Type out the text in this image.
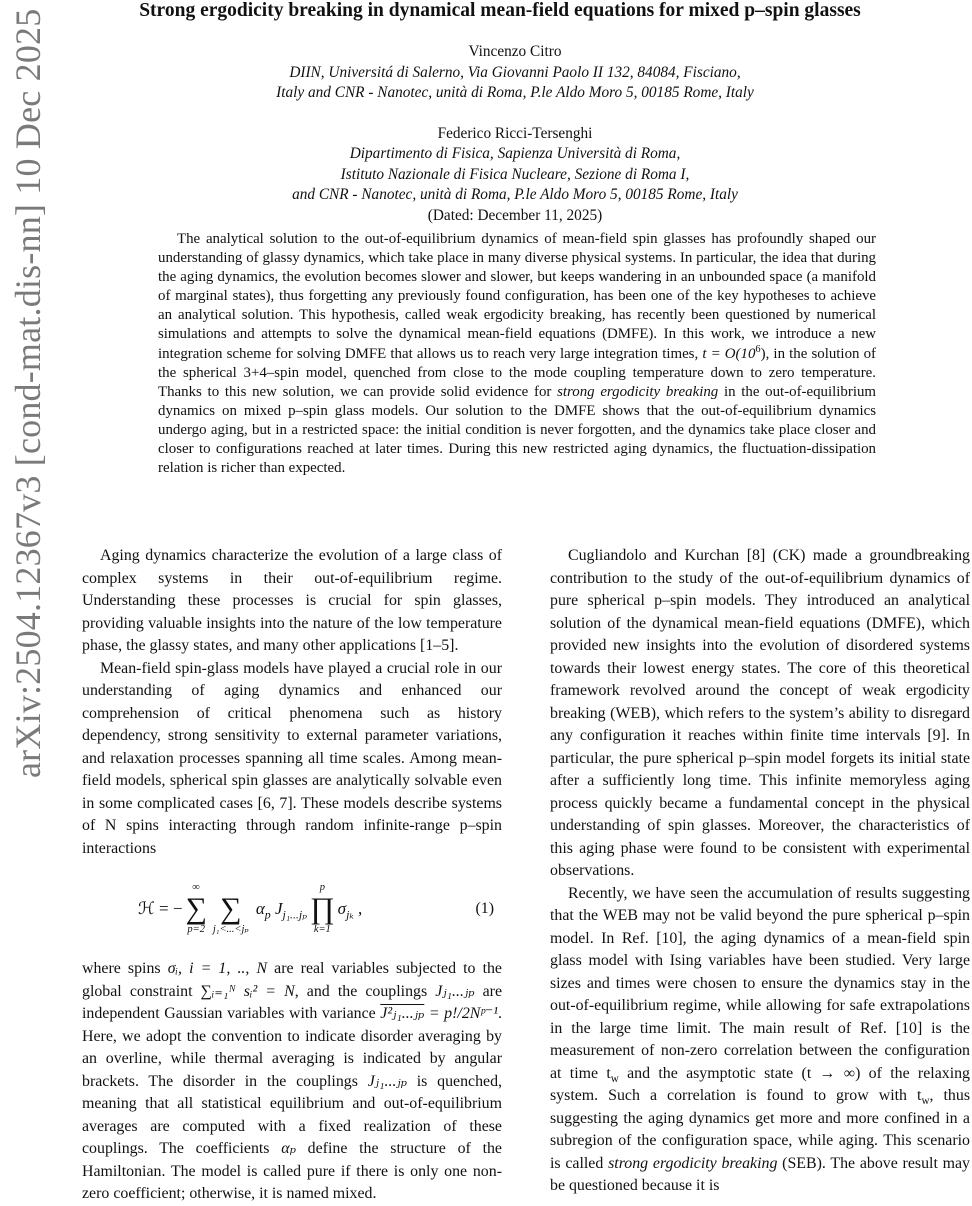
arXiv:2504.12367v3 [cond-mat.dis-nn] 10 Dec 2025	Strong ergodicity breaking in dynamical mean-field equations for mixed p–spin glasses
Vincenzo Citro
DIIN, Universitá di Salerno, Via Giovanni Paolo II 132, 84084, Fisciano,
Italy and CNR - Nanotec, unità di Roma, P.le Aldo Moro 5, 00185 Rome, Italy
Federico Ricci-Tersenghi
Dipartimento di Fisica, Sapienza Università di Roma,
Istituto Nazionale di Fisica Nucleare, Sezione di Roma I,
and CNR - Nanotec, unità di Roma, P.le Aldo Moro 5, 00185 Rome, Italy
(Dated: December 11, 2025)

The analytical solution to the out-of-equilibrium dynamics of mean-field spin glasses has profoundly shaped our understanding of glassy dynamics, which take place in many diverse physical systems. In particular, the idea that during the aging dynamics, the evolution becomes slower and slower, but keeps wandering in an unbounded space (a manifold of marginal states), thus forgetting any previously found configuration, has been one of the key hypotheses to achieve an analytical solution. This hypothesis, called weak ergodicity breaking, has recently been questioned by numerical simulations and attempts to solve the dynamical mean-field equations (DMFE). In this work, we introduce a new integration scheme for solving DMFE that allows us to reach very large integration times, $t = O(10^6)$, in the solution of the spherical 3+4–spin model, quenched from close to the mode coupling temperature down to zero temperature. Thanks to this new solution, we can provide solid evidence for strong ergodicity breaking in the out-of-equilibrium dynamics on mixed p–spin glass models. Our solution to the DMFE shows that the out-of-equilibrium dynamics undergo aging, but in a restricted space: the initial condition is never forgotten, and the dynamics take place closer and closer to configurations reached at later times. During this new restricted aging dynamics, the fluctuation-dissipation relation is richer than expected.

Aging dynamics characterize the evolution of a large class of complex systems in their out-of-equilibrium regime. Understanding these processes is crucial for spin glasses, providing valuable insights into the nature of the low temperature phase, the glassy states, and many other applications [1–5].

Mean-field spin-glass models have played a crucial role in our understanding of aging dynamics and enhanced our comprehension of critical phenomena such as history dependency, strong sensitivity to external parameter variations, and relaxation processes spanning all time scales. Among mean-field models, spherical spin glasses are analytically solvable even in some complicated cases [6, 7]. These models describe systems of N spins interacting through random infinite-range p–spin interactions

ℋ = −
∞
∑
p=2

∑
j₁<...<jₚ
$\alpha_p$ $J_{j_1...j_p}$
p
∏
k=1
$\sigma_{j_k}$ ,	(1)

where spins σᵢ, i = 1, .., N are real variables subjected to the global constraint ∑ᵢ₌₁ᴺ sᵢ² = N, and the couplings Jⱼ₁...ⱼₚ are independent Gaussian variables with variance J²ⱼ₁...ⱼₚ = p!/2Nᵖ⁻¹. Here, we adopt the convention to indicate disorder averaging by an overline, while thermal averaging is indicated by angular brackets. The disorder in the couplings Jⱼ₁...ⱼₚ is quenched, meaning that all statistical equilibrium and out-of-equilibrium averages are computed with a fixed realization of these couplings. The coefficients αₚ define the structure of the Hamiltonian. The model is called pure if there is only one non-zero coefficient; otherwise, it is named mixed.

Cugliandolo and Kurchan [8] (CK) made a groundbreaking contribution to the study of the out-of-equilibrium dynamics of pure spherical p–spin models. They introduced an analytical solution of the dynamical mean-field equations (DMFE), which provided new insights into the evolution of disordered systems towards their lowest energy states. The core of this theoretical framework revolved around the concept of weak ergodicity breaking (WEB), which refers to the system’s ability to disregard any configuration it reaches within finite time intervals [9]. In particular, the pure spherical p–spin model forgets its initial state after a sufficiently long time. This infinite memoryless aging process quickly became a fundamental concept in the physical understanding of spin glasses. Moreover, the characteristics of this aging phase were found to be consistent with experimental observations.

Recently, we have seen the accumulation of results suggesting that the WEB may not be valid beyond the pure spherical p–spin model. In Ref. [10], the aging dynamics of a mean-field spin glass model with Ising variables have been studied. Very large sizes and times were chosen to ensure the dynamics stay in the out-of-equilibrium regime, while allowing for safe extrapolations in the large time limit. The main result of Ref. [10] is the measurement of non-zero correlation between the configuration at time $t_w$ and the asymptotic state (t → ∞) of the relaxing system. Such a correlation is found to grow with $t_w$, thus suggesting the aging dynamics get more and more confined in a subregion of the configuration space, while aging. This scenario is called strong ergodicity breaking (SEB). The above result may be questioned because it is
